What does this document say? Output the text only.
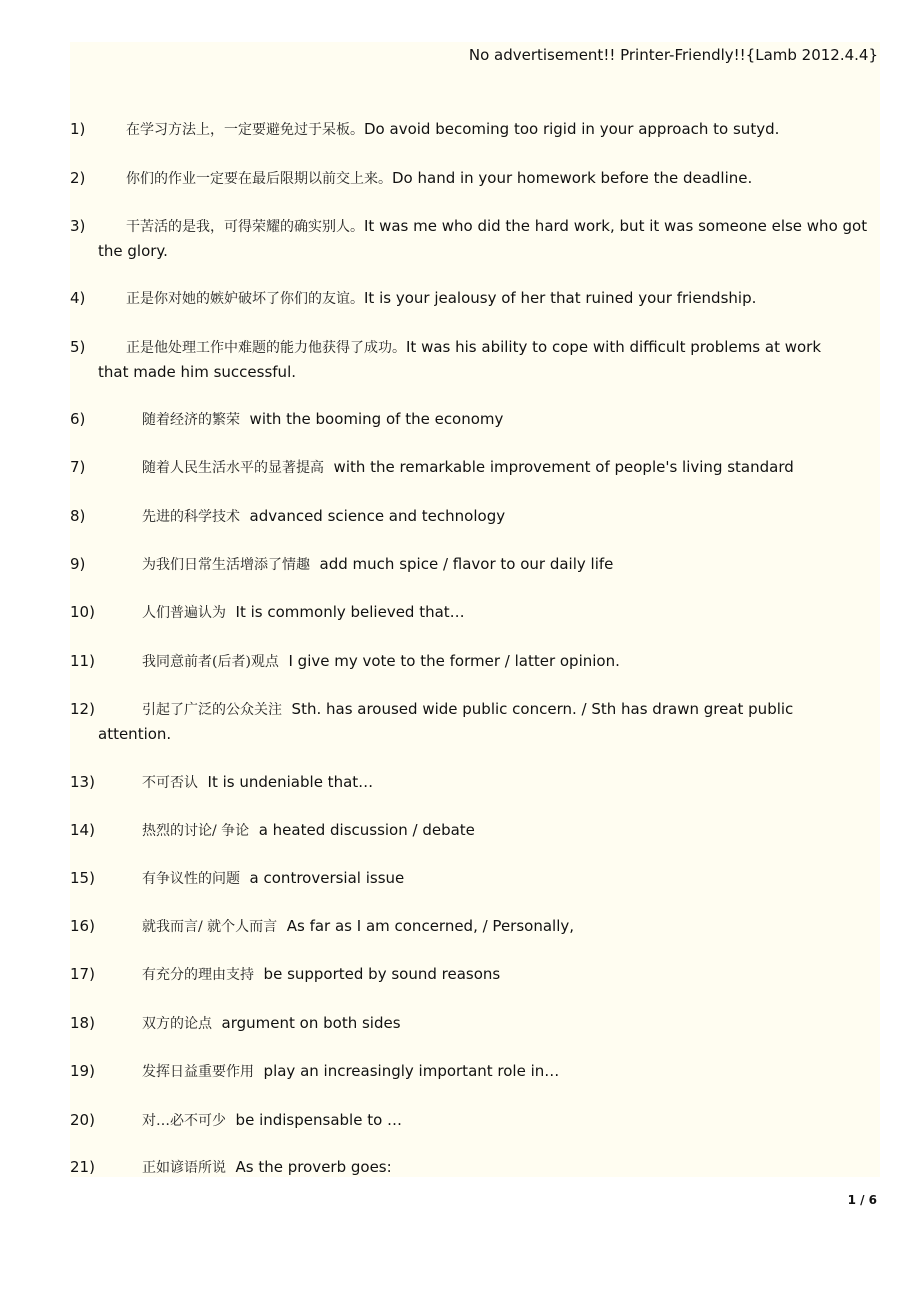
No advertisement!! Printer-Friendly!!{Lamb 2012.4.4}
1)	在学习方法上，一定要避免过于呆板。Do avoid becoming too rigid in your approach to sutyd.
2)	你们的作业一定要在最后限期以前交上来。Do hand in your homework before the deadline.
3)	干苦活的是我，可得荣耀的确实别人。It was me who did the hard work, but it was someone else who got
the glory.
4)	正是你对她的嫉妒破坏了你们的友谊。It is your jealousy of her that ruined your friendship.
5)	正是他处理工作中难题的能力他获得了成功。It was his ability to cope with difficult problems at work
that made him successful.
6)	随着经济的繁荣 with the booming of the economy
7)	随着人民生活水平的显著提高 with the remarkable improvement of people's living standard
8)	先进的科学技术 advanced science and technology
9)	为我们日常生活增添了情趣 add much spice / flavor to our daily life
10)	人们普遍认为 It is commonly believed that…
11)	我同意前者(后者)观点 I give my vote to the former / latter opinion.
12)	引起了广泛的公众关注 Sth. has aroused wide public concern. / Sth has drawn great public
attention.
13)	不可否认 It is undeniable that…
14)	热烈的讨论/ 争论 a heated discussion / debate
15)	有争议性的问题 a controversial issue
16)	就我而言/ 就个人而言 As far as I am concerned, / Personally,
17)	有充分的理由支持 be supported by sound reasons
18)	双方的论点 argument on both sides
19)	发挥日益重要作用 play an increasingly important role in…
20)	对…必不可少 be indispensable to …
21)	正如谚语所说 As the proverb goes:
1 / 6
